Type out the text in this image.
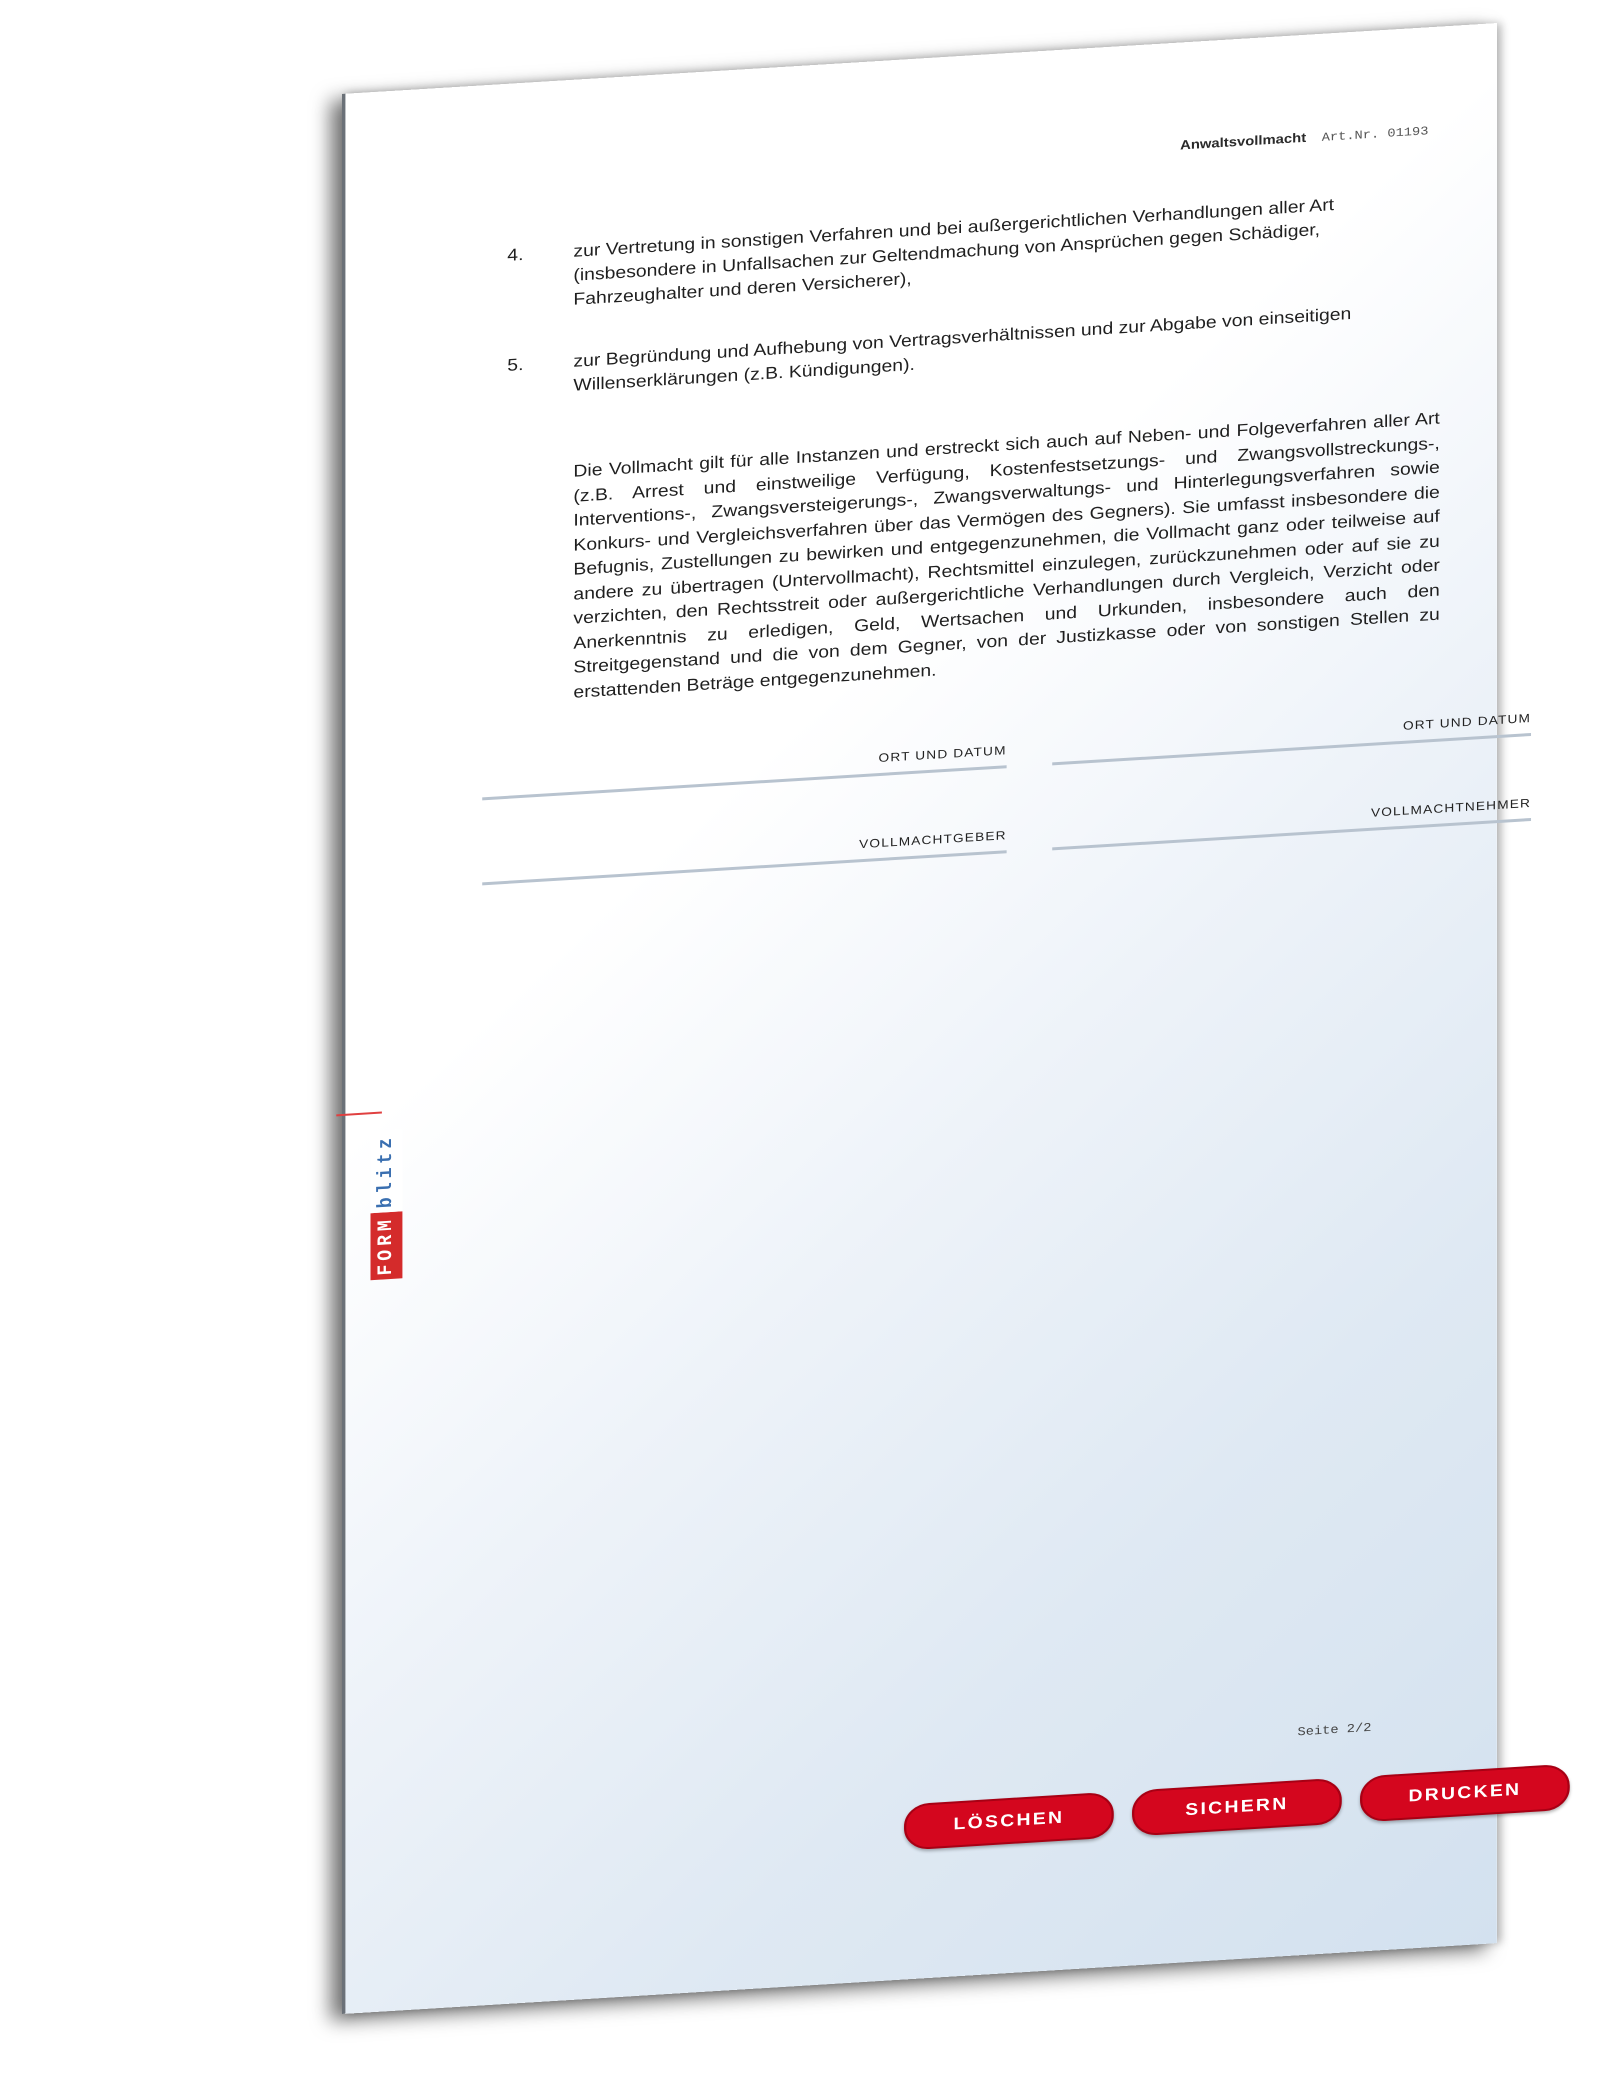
Anwaltsvollmacht Art.Nr. 01193
4.	zur Vertretung in sonstigen Verfahren und bei außergerichtlichen Verhandlungen aller Art (insbesondere in Unfallsachen zur Geltendmachung von Ansprüchen gegen Schädiger, Fahrzeughalter und deren Versicherer),
5.	zur Begründung und Aufhebung von Vertragsverhältnissen und zur Abgabe von einseitigen Willenserklärungen (z.B. Kündigungen).
Die Vollmacht gilt für alle Instanzen und erstreckt sich auch auf Neben- und Folgeverfahren aller Art (z.B. Arrest und einstweilige Verfügung, Kostenfestsetzungs- und Zwangsvollstreckungs-, Interventions-, Zwangsversteigerungs-, Zwangsverwaltungs- und Hinterlegungsverfahren sowie Konkurs- und Vergleichsverfahren über das Vermögen des Gegners). Sie umfasst insbesondere die Befugnis, Zustellungen zu bewirken und entgegenzunehmen, die Vollmacht ganz oder teilweise auf andere zu übertragen (Untervollmacht), Rechtsmittel einzulegen, zurückzunehmen oder auf sie zu verzichten, den Rechtsstreit oder außergerichtliche Verhandlungen durch Vergleich, Verzicht oder Anerkenntnis zu erledigen, Geld, Wertsachen und Urkunden, insbesondere auch den Streitgegenstand und die von dem Gegner, von der Justizkasse oder von sonstigen Stellen zu erstattenden Beträge entgegenzunehmen.
ORT UND DATUM
ORT UND DATUM
VOLLMACHTGEBER
VOLLMACHTNEHMER
FORM
blitz
Seite 2/2
LÖSCHEN
SICHERN
DRUCKEN
